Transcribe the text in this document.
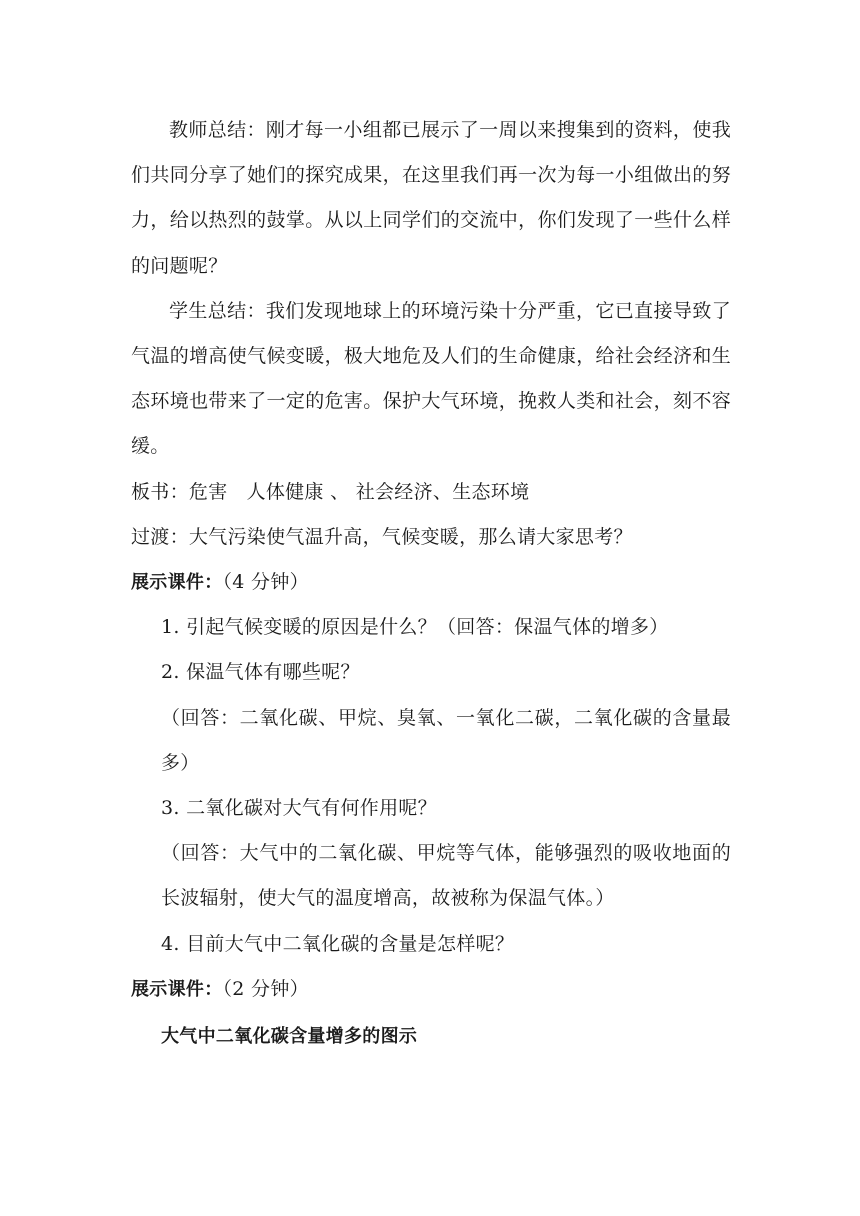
教师总结：刚才每一小组都已展示了一周以来搜集到的资料，使我们共同分享了她们的探究成果，在这里我们再一次为每一小组做出的努力，给以热烈的鼓掌。从以上同学们的交流中，你们发现了一些什么样的问题呢？

学生总结：我们发现地球上的环境污染十分严重，它已直接导致了气温的增高使气候变暖，极大地危及人们的生命健康，给社会经济和生态环境也带来了一定的危害。保护大气环境，挽救人类和社会，刻不容缓。

板书：危害   人体健康 、 社会经济、生态环境

过渡：大气污染使气温升高，气候变暖，那么请大家思考？

展示课件：（4 分钟）

1. 引起气候变暖的原因是什么？（回答：保温气体的增多）

2. 保温气体有哪些呢？

（回答：二氧化碳、甲烷、臭氧、一氧化二碳，二氧化碳的含量最多）

3. 二氧化碳对大气有何作用呢？

（回答：大气中的二氧化碳、甲烷等气体，能够强烈的吸收地面的长波辐射，使大气的温度增高，故被称为保温气体。）

4. 目前大气中二氧化碳的含量是怎样呢？

展示课件：（2 分钟）

大气中二氧化碳含量增多的图示
